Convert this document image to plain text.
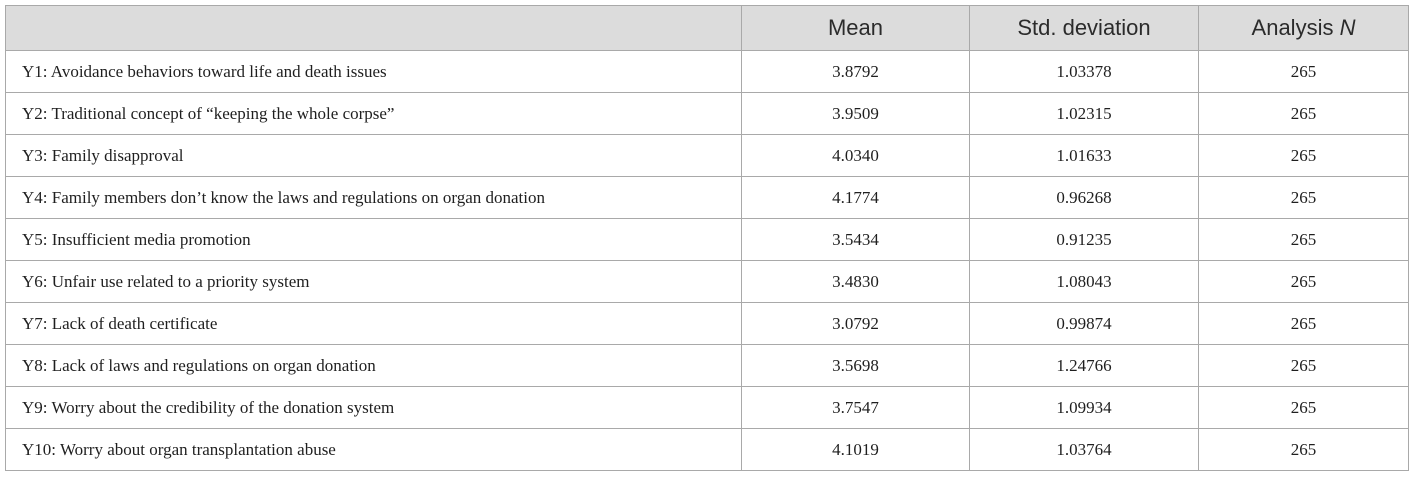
	Mean	Std. deviation	Analysis N
Y1: Avoidance behaviors toward life and death issues	3.8792	1.03378	265
Y2: Traditional concept of “keeping the whole corpse”	3.9509	1.02315	265
Y3: Family disapproval	4.0340	1.01633	265
Y4: Family members don’t know the laws and regulations on organ donation	4.1774	0.96268	265
Y5: Insufficient media promotion	3.5434	0.91235	265
Y6: Unfair use related to a priority system	3.4830	1.08043	265
Y7: Lack of death certificate	3.0792	0.99874	265
Y8: Lack of laws and regulations on organ donation	3.5698	1.24766	265
Y9: Worry about the credibility of the donation system	3.7547	1.09934	265
Y10: Worry about organ transplantation abuse	4.1019	1.03764	265
